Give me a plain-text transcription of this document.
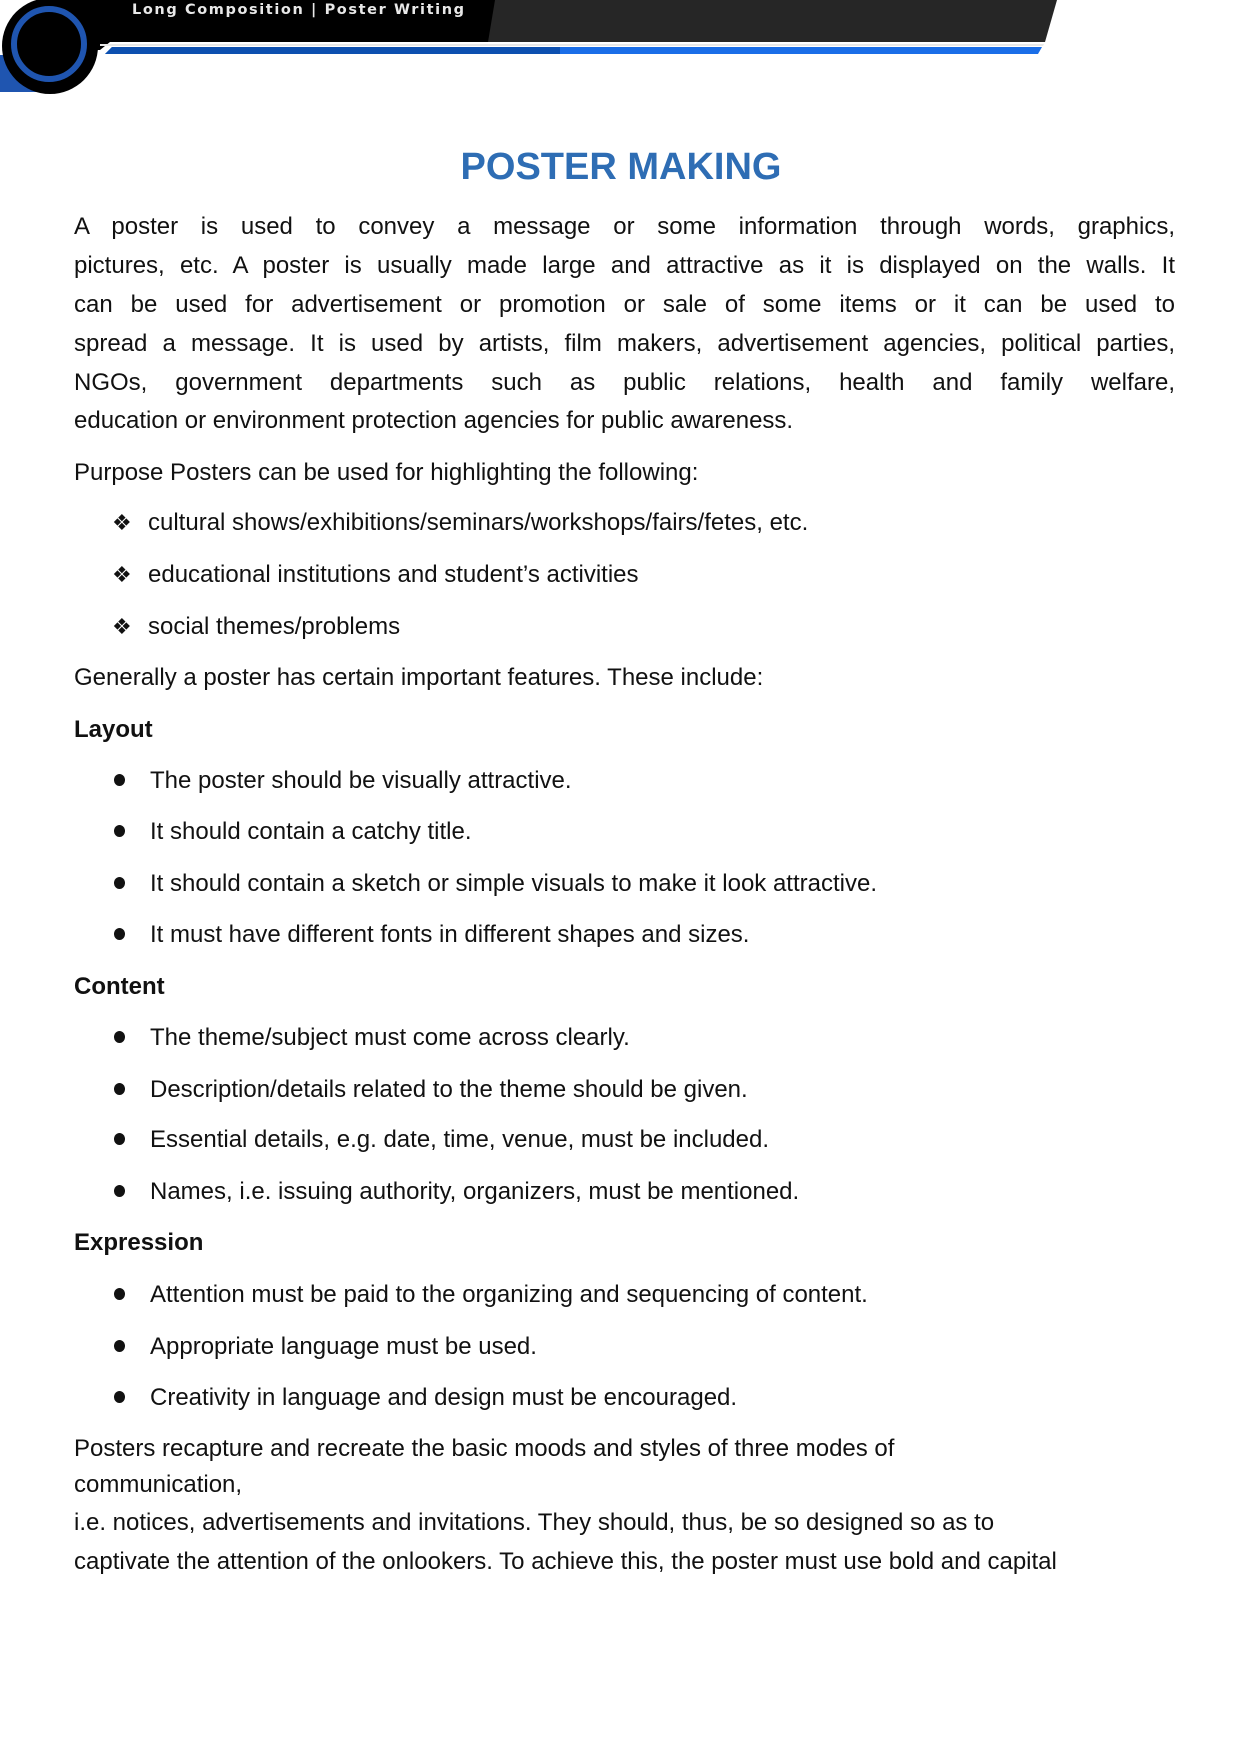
Long Composition | Poster Writing
POSTER MAKING
A poster is used to convey a message or some information through words, graphics,
pictures, etc. A poster is usually made large and attractive as it is displayed on the walls. It
can be used for advertisement or promotion or sale of some items or it can be used to
spread a message. It is used by artists, film makers, advertisement agencies, political parties,
NGOs, government departments such as public relations, health and family welfare,
education or environment protection agencies for public awareness.
Purpose Posters can be used for highlighting the following:
❖ cultural shows/exhibitions/seminars/workshops/fairs/fetes, etc.
❖ educational institutions and student’s activities
❖ social themes/problems
Generally a poster has certain important features. These include:
Layout
The poster should be visually attractive.
It should contain a catchy title.
It should contain a sketch or simple visuals to make it look attractive.
It must have different fonts in different shapes and sizes.
Content
The theme/subject must come across clearly.
Description/details related to the theme should be given.
Essential details, e.g. date, time, venue, must be included.
Names, i.e. issuing authority, organizers, must be mentioned.
Expression
Attention must be paid to the organizing and sequencing of content.
Appropriate language must be used.
Creativity in language and design must be encouraged.
Posters recapture and recreate the basic moods and styles of three modes of
communication,
i.e. notices, advertisements and invitations. They should, thus, be so designed so as to
captivate the attention of the onlookers. To achieve this, the poster must use bold and capital
